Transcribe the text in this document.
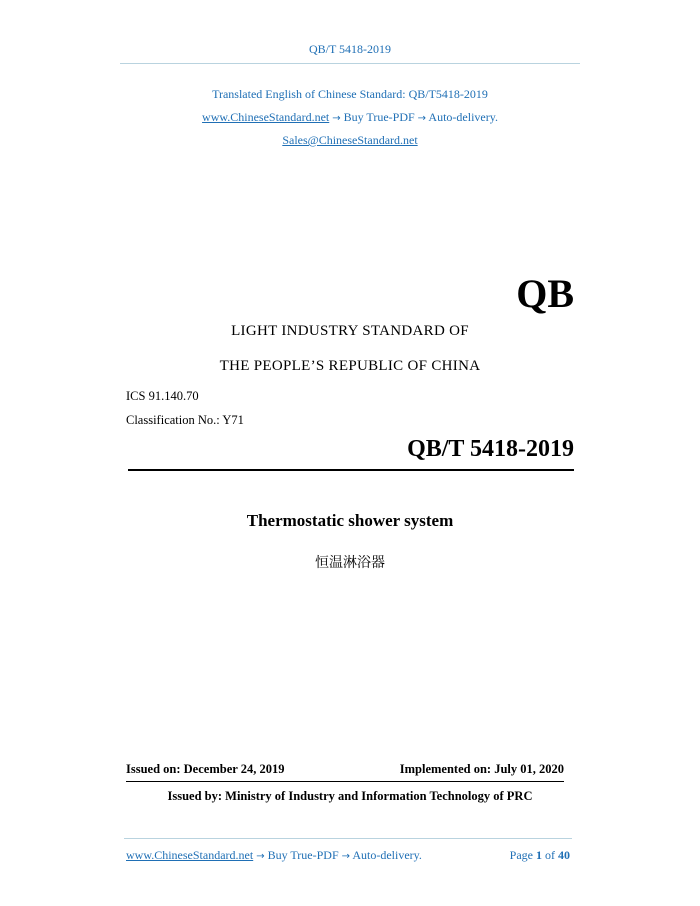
QB/T 5418-2019
Translated English of Chinese Standard: QB/T5418-2019
www.ChineseStandard.net → Buy True-PDF → Auto-delivery.
Sales@ChineseStandard.net
QB
LIGHT INDUSTRY STANDARD OF
THE PEOPLE’S REPUBLIC OF CHINA
ICS 91.140.70
Classification No.: Y71
QB/T 5418-2019
Thermostatic shower system
恒温淋浴器
Issued on: December 24, 2019	Implemented on: July 01, 2020
Issued by: Ministry of Industry and Information Technology of PRC
www.ChineseStandard.net → Buy True-PDF → Auto-delivery.	Page 1 of 40
